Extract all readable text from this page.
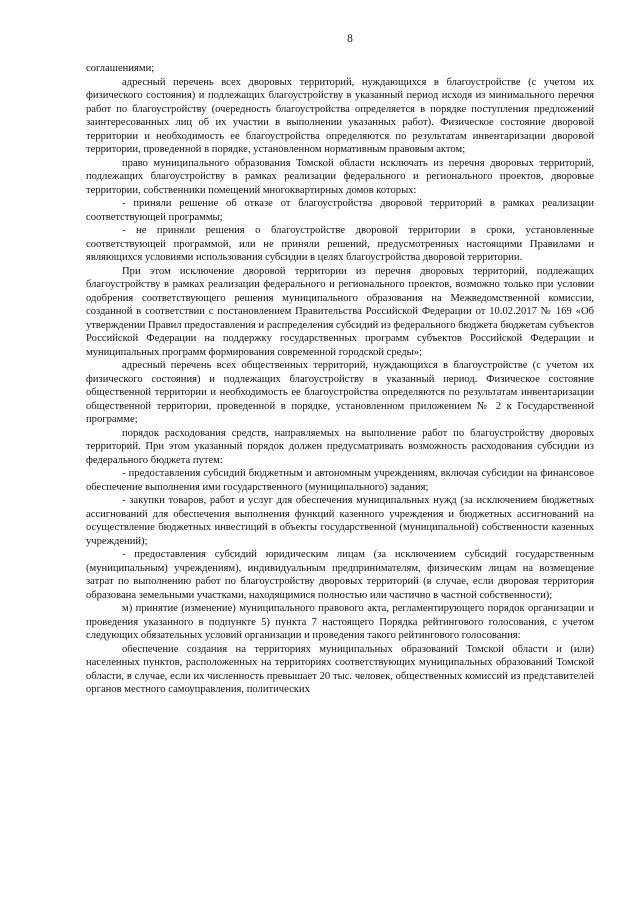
8

соглашениями;

адресный перечень всех дворовых территорий, нуждающихся в благоустройстве (с учетом их физического состояния) и подлежащих благоустройству в указанный период исходя из минимального перечня работ по благоустройству (очередность благоустройства определяется в порядке поступления предложений заинтересованных лиц об их участии в выполнении указанных работ). Физическое состояние дворовой территории и необходимость ее благоустройства определяются по результатам инвентаризации дворовой территории, проведенной в порядке, установленном нормативным правовым актом;

право муниципального образования Томской области исключать из перечня дворовых территорий, подлежащих благоустройству в рамках реализации федерального и регионального проектов, дворовые территории, собственники помещений многоквартирных домов которых:

- приняли решение об отказе от благоустройства дворовой территорий в рамках реализации соответствующей программы;

- не приняли решения о благоустройстве дворовой территории в сроки, установленные соответствующей программой, или не приняли решений, предусмотренных настоящими Правилами и являющихся условиями использования субсидии в целях благоустройства дворовой территории.

При этом исключение дворовой территории из перечня дворовых территорий, подлежащих благоустройству в рамках реализации федерального и регионального проектов, возможно только при условии одобрения соответствующего решения муниципального образования на Межведомственной комиссии, созданной в соответствии с постановлением Правительства Российской Федерации от 10.02.2017 № 169 «Об утверждении Правил предоставления и распределения субсидий из федерального бюджета бюджетам субъектов Российской Федерации на поддержку государственных программ субъектов Российской Федерации и муниципальных программ формирования современной городской среды»;

адресный перечень всех общественных территорий, нуждающихся в благоустройстве (с учетом их физического состояния) и подлежащих благоустройству в указанный период. Физическое состояние общественной территории и необходимость ее благоустройства определяются по результатам инвентаризации общественной территории, проведенной в порядке, установленном приложением № 2 к Государственной программе;

порядок расходования средств, направляемых на выполнение работ по благоустройству дворовых территорий. При этом указанный порядок должен предусматривать возможность расходования субсидии из федерального бюджета путем:

- предоставления субсидий бюджетным и автономным учреждениям, включая субсидии на финансовое обеспечение выполнения ими государственного (муниципального) задания;

- закупки товаров, работ и услуг для обеспечения муниципальных нужд (за исключением бюджетных ассигнований для обеспечения выполнения функций казенного учреждения и бюджетных ассигнований на осуществление бюджетных инвестиций в объекты государственной (муниципальной) собственности казенных учреждений);

- предоставления субсидий юридическим лицам (за исключением субсидий государственным (муниципальным) учреждениям), индивидуальным предпринимателям, физическим лицам на возмещение затрат по выполнению работ по благоустройству дворовых территорий (в случае, если дворовая территория образована земельными участками, находящимися полностью или частично в частной собственности);

м) принятие (изменение) муниципального правового акта, регламентирующего порядок организации и проведения указанного в подпункте 5) пункта 7 настоящего Порядка рейтингового голосования, с учетом следующих обязательных условий организации и проведения такого рейтингового голосования:

обеспечение создания на территориях муниципальных образований Томской области и (или) населенных пунктов, расположенных на территориях соответствующих муниципальных образований Томской области, в случае, если их численность превышает 20 тыс. человек, общественных комиссий из представителей органов местного самоуправления, политических
